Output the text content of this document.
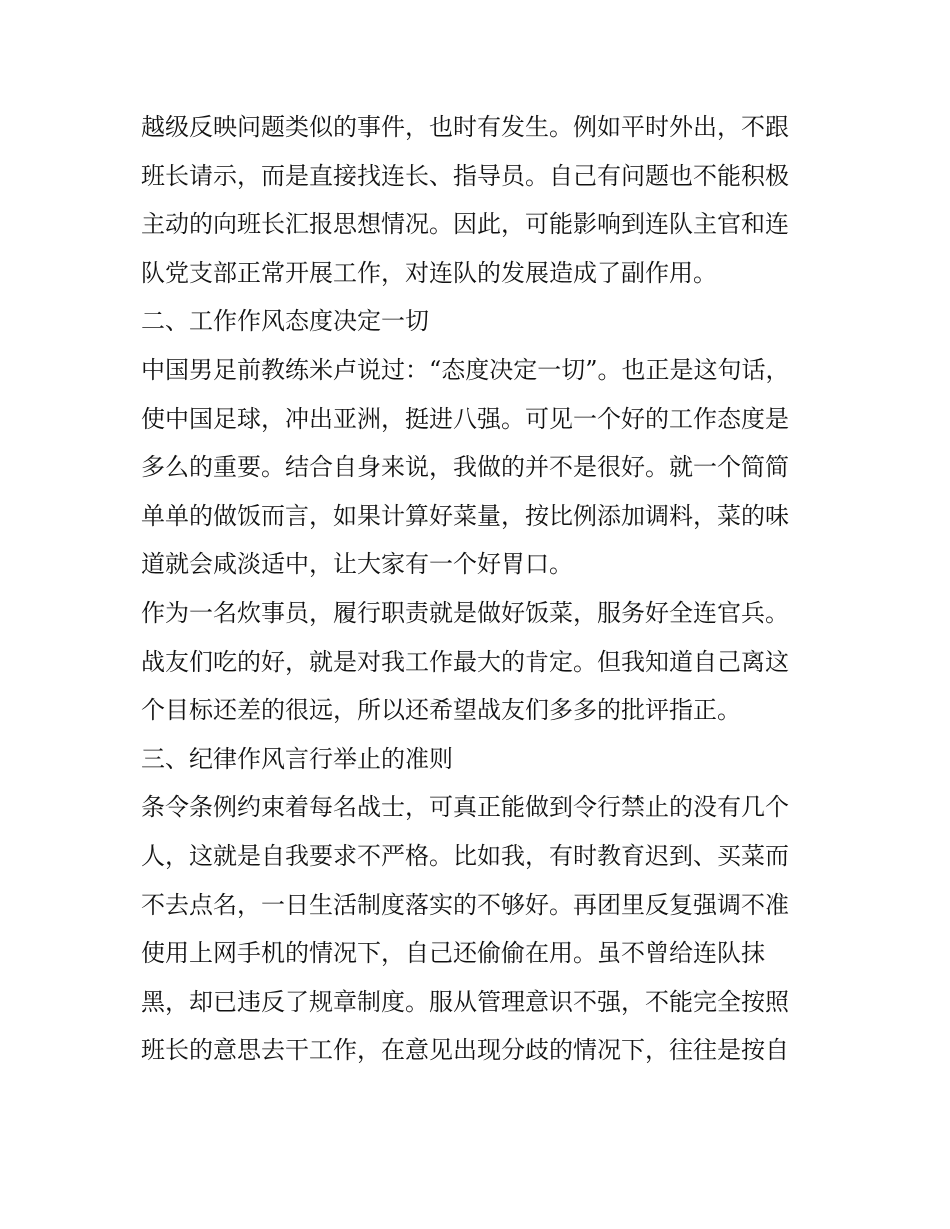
越级反映问题类似的事件，也时有发生。例如平时外出，不跟

班长请示，而是直接找连长、指导员。自己有问题也不能积极

主动的向班长汇报思想情况。因此，可能影响到连队主官和连

队党支部正常开展工作，对连队的发展造成了副作用。

二、工作作风态度决定一切

中国男足前教练米卢说过：“态度决定一切”。也正是这句话，

使中国足球，冲出亚洲，挺进八强。可见一个好的工作态度是

多么的重要。结合自身来说，我做的并不是很好。就一个简简

单单的做饭而言，如果计算好菜量，按比例添加调料，菜的味

道就会咸淡适中，让大家有一个好胃口。

作为一名炊事员，履行职责就是做好饭菜，服务好全连官兵。

战友们吃的好，就是对我工作最大的肯定。但我知道自己离这

个目标还差的很远，所以还希望战友们多多的批评指正。

三、纪律作风言行举止的准则

条令条例约束着每名战士，可真正能做到令行禁止的没有几个

人，这就是自我要求不严格。比如我，有时教育迟到、买菜而

不去点名，一日生活制度落实的不够好。再团里反复强调不准

使用上网手机的情况下，自己还偷偷在用。虽不曾给连队抹

黑，却已违反了规章制度。服从管理意识不强，不能完全按照

班长的意思去干工作，在意见出现分歧的情况下，往往是按自
